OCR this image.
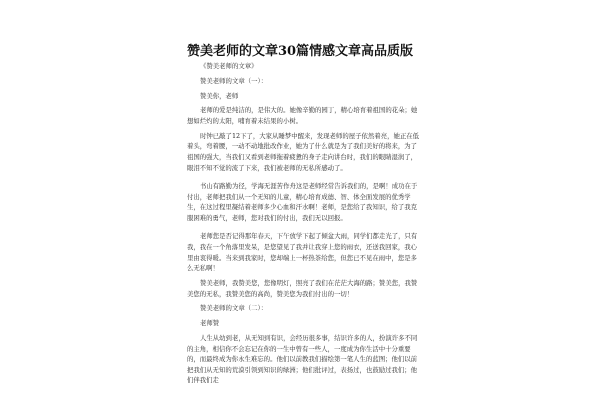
赞美老师的文章30篇情感文章高品质版

《赞美老师的文章》

赞美老师的文章（一）：

赞美你，老师

老师的爱是纯洁的，是伟大的。她像辛勤的园丁，精心培育着祖国的花朵；她想如烂灼的太阳，哺育着未结果的小树。

时钟已敲了12下了，大家从睡梦中醒来，发现老师的屋子依然着亮，她正在低着头，弯着腰，一动不动地批改作业，她为了什么就是为了我们美好的将来，为了祖国的强大，当我们又看到老师拖着疲惫的身子走向讲台时，我们的眼睛湿润了，眼泪不知不觉的流了下来，我们被老师的无私所感动了。

书山有路勤为径，学海无涯苦作舟这是老师经常告诉我们的，是啊！成功在于付出，老师把我们从一个无知的儿童，精心培育成德、智、体全面发展的优秀学生，在这过程里凝结着老师多少心血和汗水啊！老师，是您给了我知识，给了我克服困难的勇气，老师，您对我们的付出，我们无以回报。

老师您是否记得那年春天，下午放学下起了倾盆大雨，同学们都走光了，只有我，我在一个角落里发呆，是您望见了我并让我穿上您的雨衣，还送我回家，我心里由衷得暖。当来到我家时，您却端上一杯热茶给您，但您已不见在雨中，您是多么无私啊！

赞美老师，我赞美您，您像明灯，照亮了我们在茫茫大海的路；赞美您，我赞美您的无私，我赞美您的高尚，赞美您为我们付出的一切！

赞美老师的文章（二）：

老师赞

人生从幼到老，从无知到有识，会经历很多事，结识许多的人，扮演许多不同的主角，相信你不会忘记在你的一生中曾有一些人，一度成为你生活中十分重要的，而最终成为你永生难忘的。他们以前教我们描绘第一笔人生的蓝图；他们以前把我们从无知的荒漠引领到知识的绿洲；他们批评过，表扬过，也鼓励过我们；他们伴我们走
